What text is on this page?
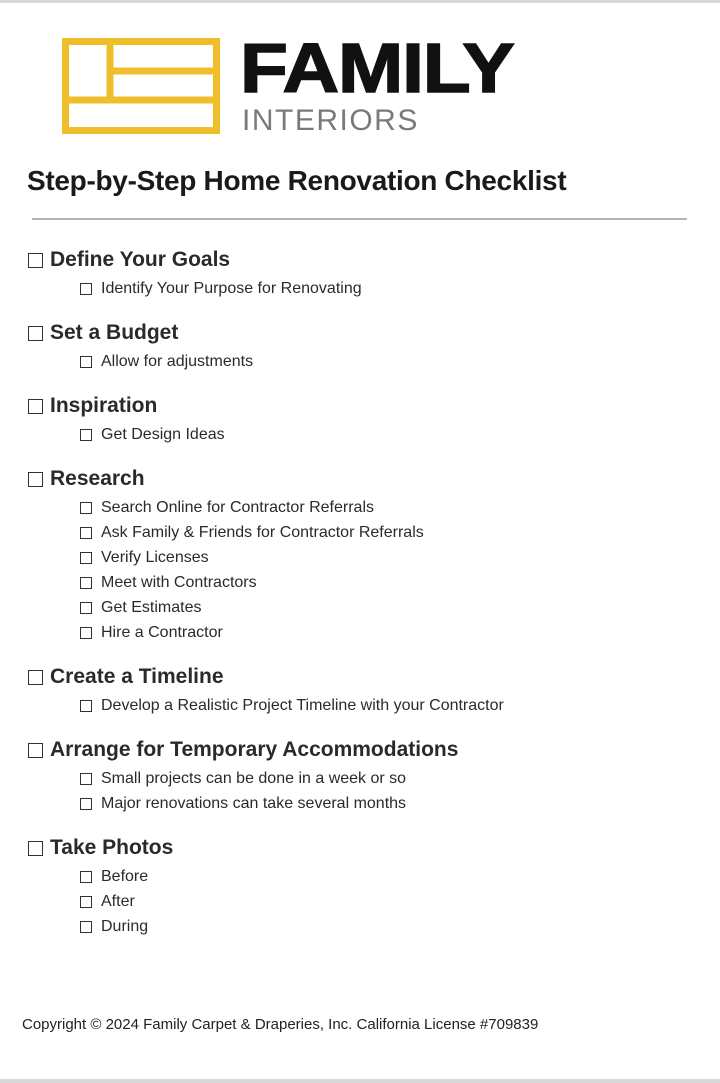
FAMILY
INTERIORS
Step-by-Step Home Renovation Checklist
Define Your Goals
Identify Your Purpose for Renovating
Set a Budget
Allow for adjustments
Inspiration
Get Design Ideas
Research
Search Online for Contractor Referrals
Ask Family & Friends for Contractor Referrals
Verify Licenses
Meet with Contractors
Get Estimates
Hire a Contractor
Create a Timeline
Develop a Realistic Project Timeline with your Contractor
Arrange for Temporary Accommodations
Small projects can be done in a week or so
Major renovations can take several months
Take Photos
Before
After
During
Copyright © 2024 Family Carpet & Draperies, Inc. California License #709839
